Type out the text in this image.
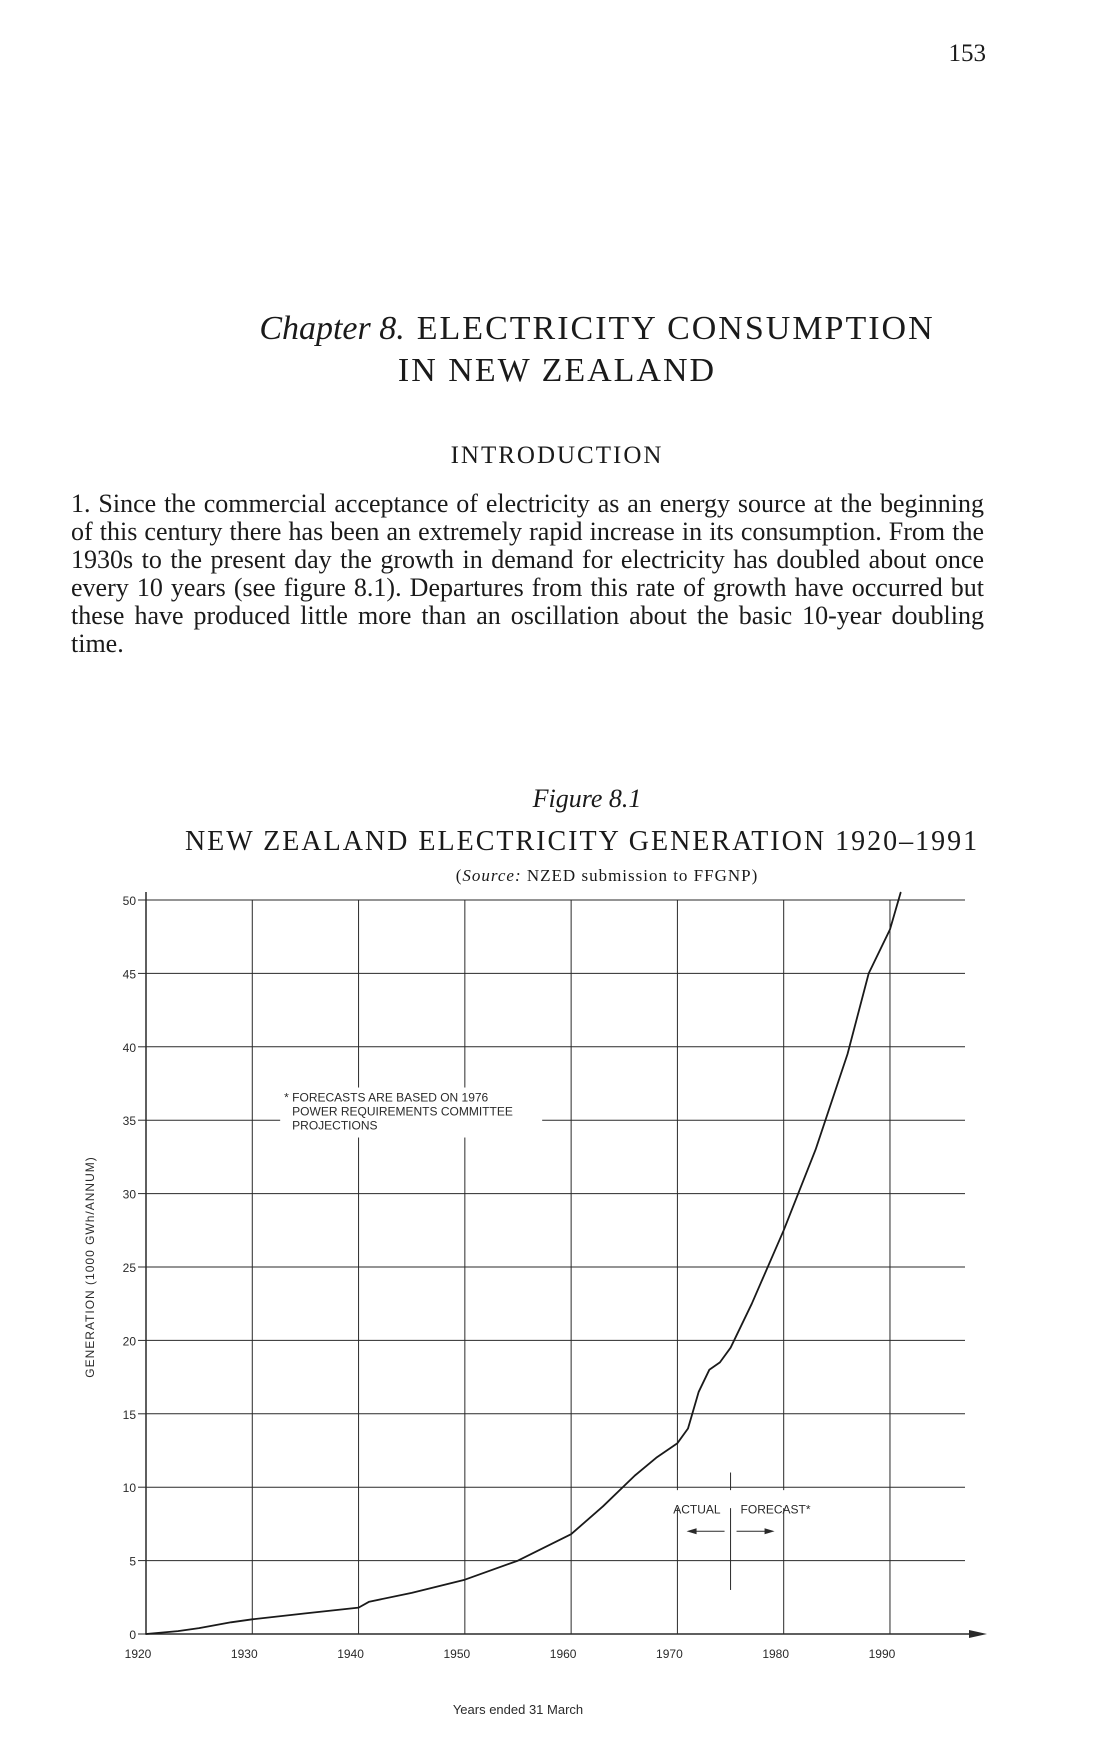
153
Chapter 8. ELECTRICITY CONSUMPTION
IN NEW ZEALAND
INTRODUCTION

1. Since the commercial acceptance of electricity as an energy source at the beginning of this century there has been an extremely rapid increase in its consumption. From the 1930s to the present day the growth in demand for electricity has doubled about once every 10 years (see figure 8.1). Departures from this rate of growth have occurred but these have produced little more than an oscillation about the basic 10-year doubling time.

Figure 8.1
NEW ZEALAND ELECTRICITY GENERATION 1920–1991
(Source: NZED submission to FFGNP)
0
5
10
15
20
25
30
35
40
45
50
1920	1930	1940	1950	1960	1970	1980	1990
GENERATION (1000 GWh/ANNUM)
Years ended 31 March
* FORECASTS ARE BASED ON 1976
POWER REQUIREMENTS COMMITTEE
PROJECTIONS
ACTUAL FORECAST*
